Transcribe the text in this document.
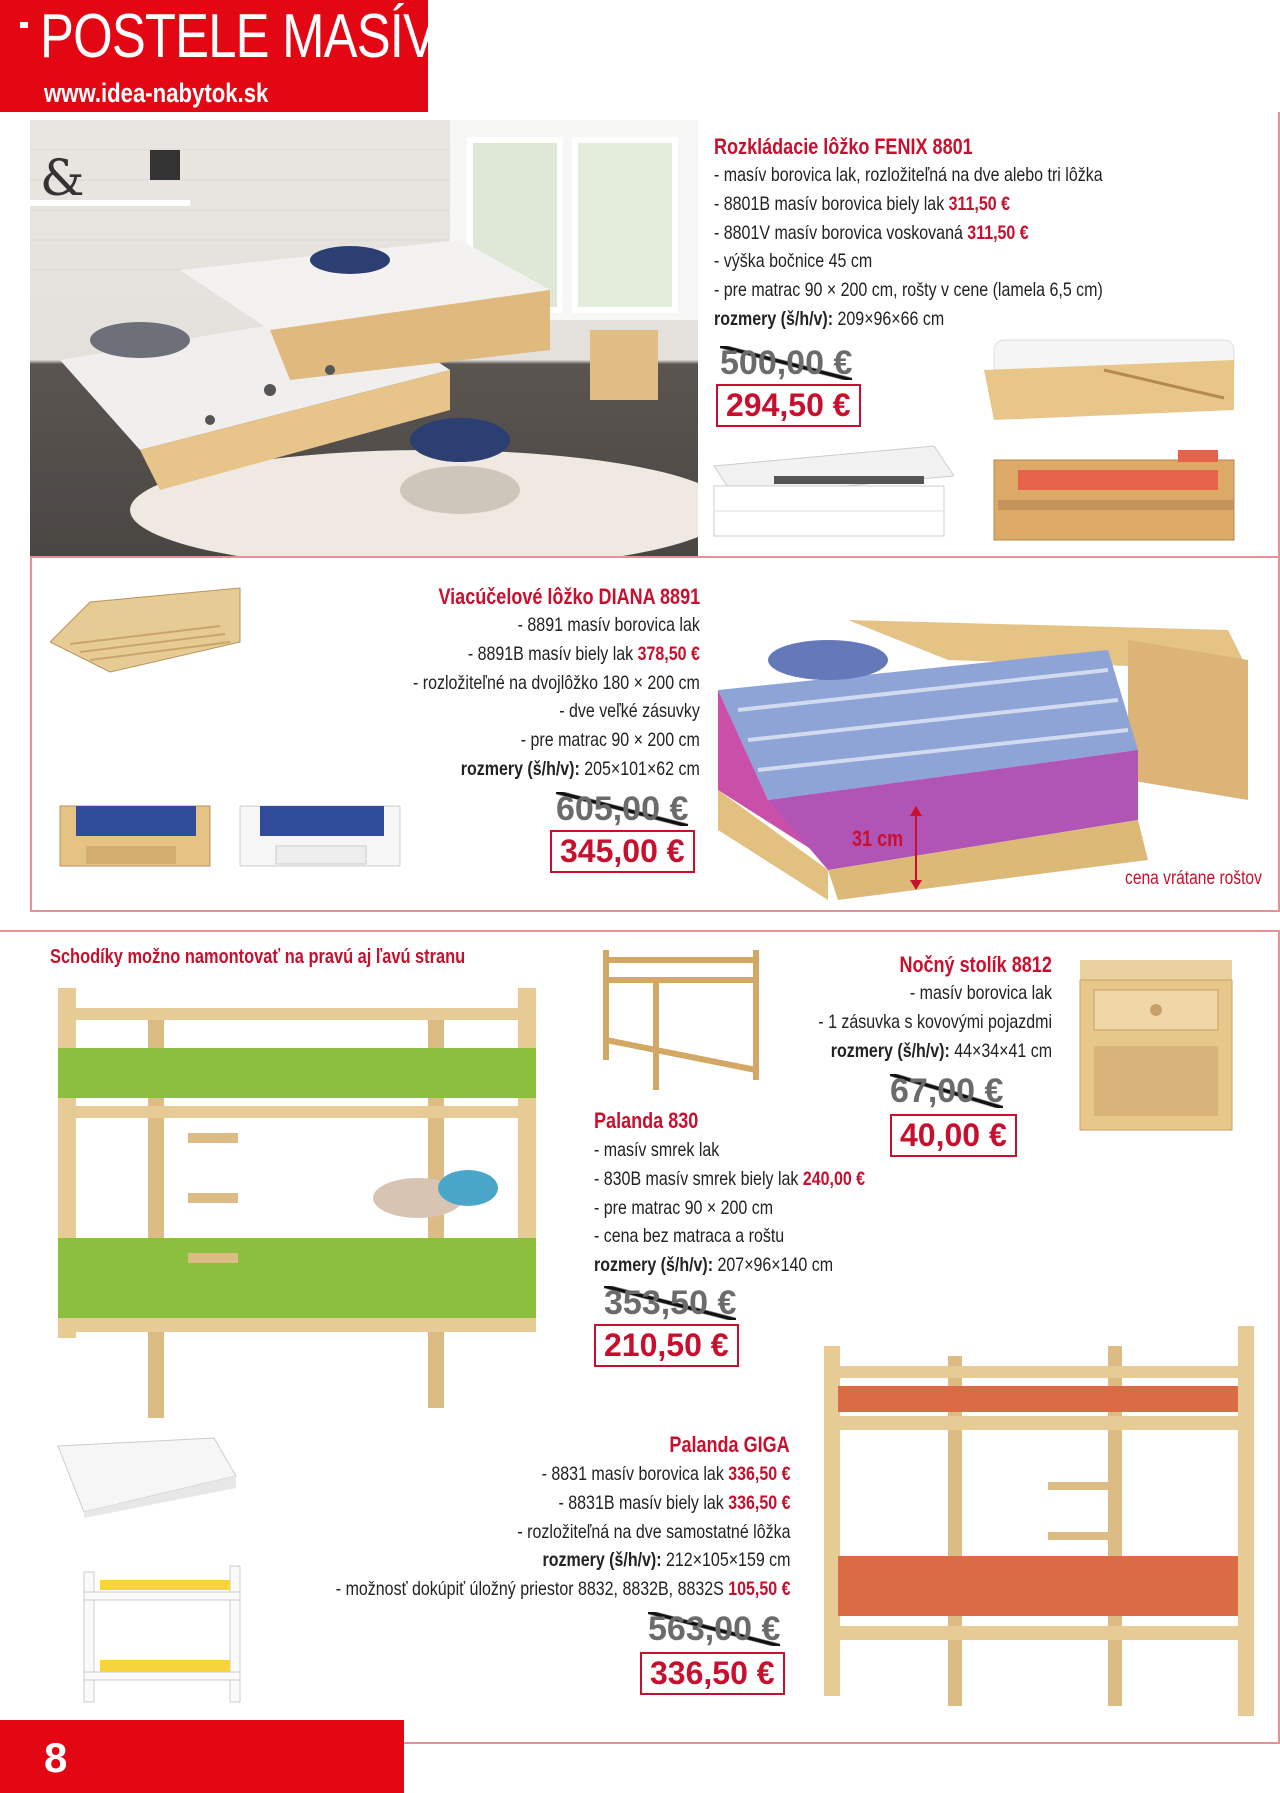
POSTELE MASÍV
www.idea-nabytok.sk
&
Rozkládacie lôžko FENIX 8801
- masív borovica lak, rozložiteľná na dve alebo tri lôžka
- 8801B masív borovica biely lak 311,50 €
- 8801V masív borovica voskovaná 311,50 €
- výška bočnice 45 cm
- pre matrac 90 × 200 cm, rošty v cene (lamela 6,5 cm)
rozmery (š/h/v): 209×96×66 cm
500,00 €
294,50 €
Viacúčelové lôžko DIANA 8891
- 8891 masív borovica lak
- 8891B masív biely lak 378,50 €
- rozložiteľné na dvojlôžko 180 × 200 cm
- dve veľké zásuvky
- pre matrac 90 × 200 cm
rozmery (š/h/v): 205×101×62 cm
605,00 €
345,00 €	31 cm
cena vrátane roštov
Schodíky možno namontovať na pravú aj ľavú stranu	Nočný stolík 8812
- masív borovica lak
- 1 zásuvka s kovovými pojazdmi
rozmery (š/h/v): 44×34×41 cm
67,00 €
40,00 €
Palanda 830
- masív smrek lak
- 830B masív smrek biely lak 240,00 €
- pre matrac 90 × 200 cm
- cena bez matraca a roštu
rozmery (š/h/v): 207×96×140 cm
353,50 €
210,50 €
Palanda GIGA
- 8831 masív borovica lak 336,50 €
- 8831B masív biely lak 336,50 €
- rozložiteľná na dve samostatné lôžka
rozmery (š/h/v): 212×105×159 cm
- možnosť dokúpiť úložný priestor 8832, 8832B, 8832S 105,50 €
563,00 €
336,50 €
8
